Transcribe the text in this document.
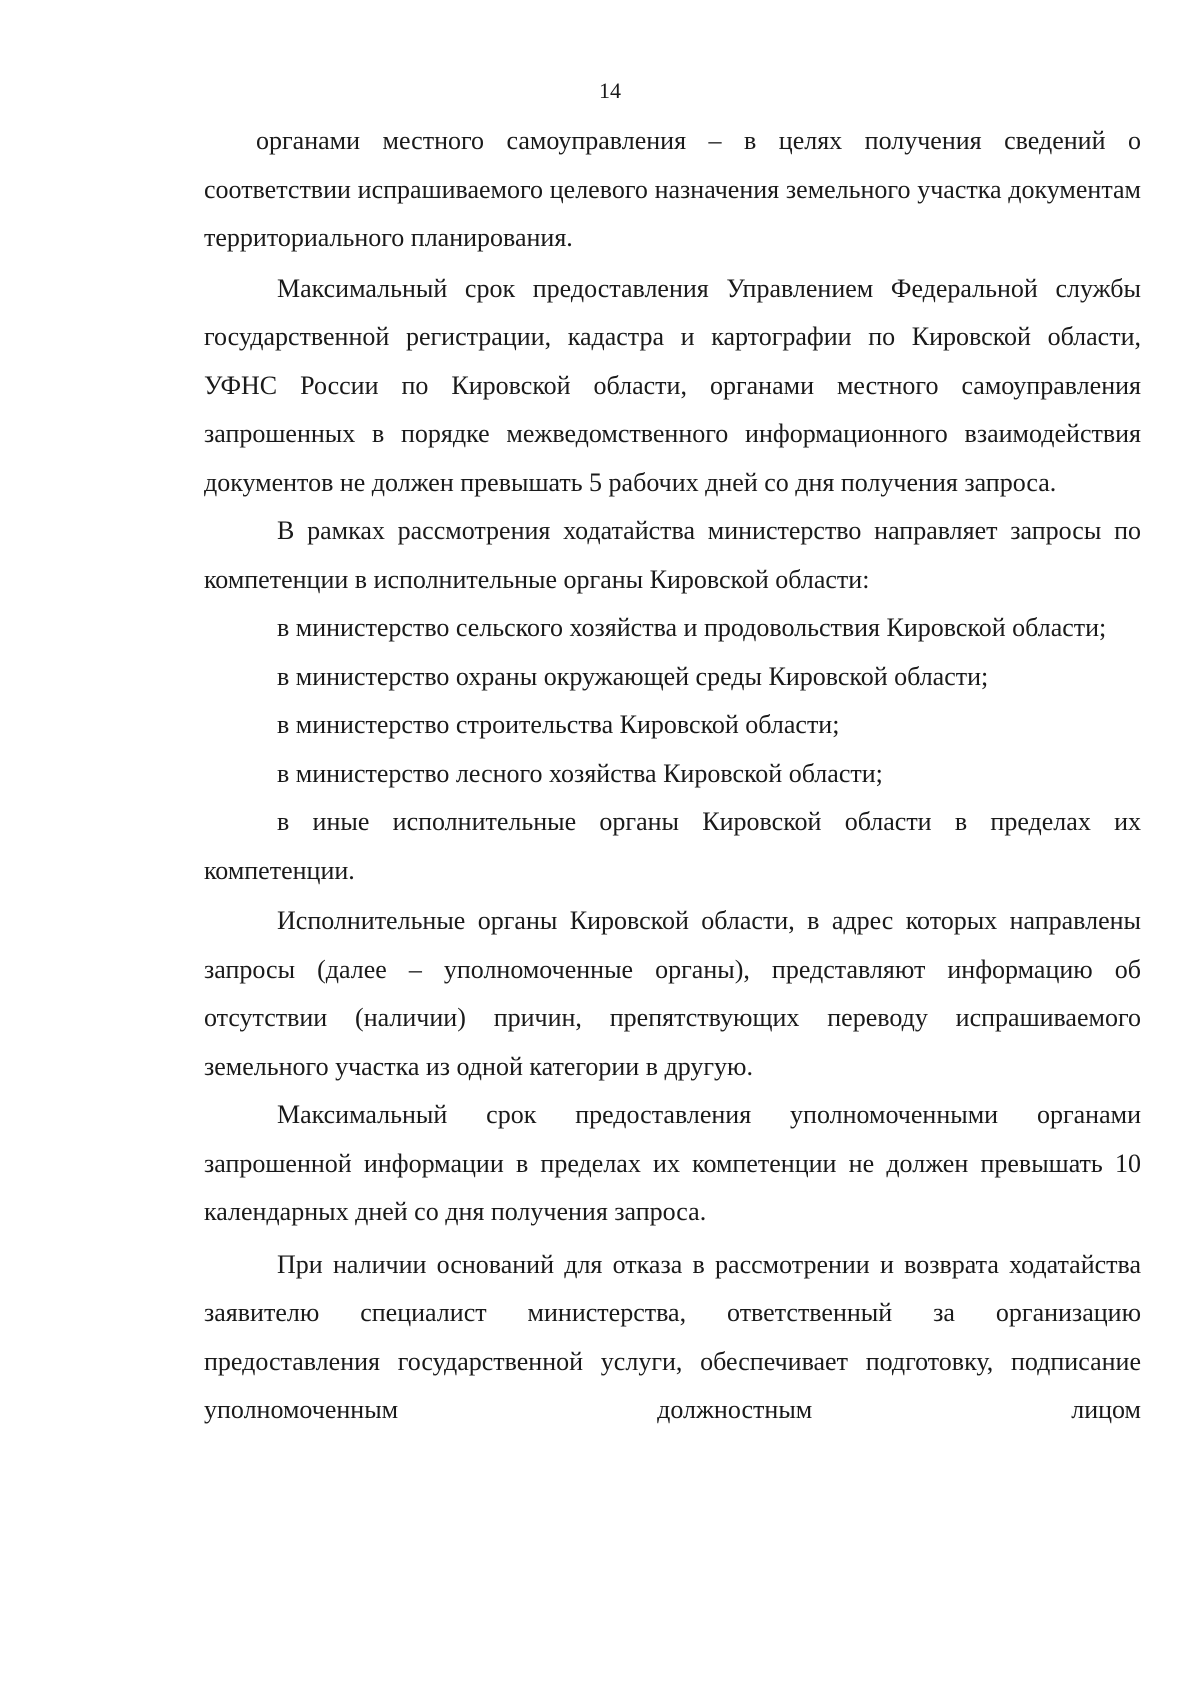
14

органами местного самоуправления – в целях получения сведений о соответствии испрашиваемого целевого назначения земельного участка документам территориального планирования.

Максимальный срок предоставления Управлением Федеральной службы государственной регистрации, кадастра и картографии по Кировской области, УФНС России по Кировской области, органами местного самоуправления запрошенных в порядке межведомственного информационного взаимодействия документов не должен превышать 5 рабочих дней со дня получения запроса.

В рамках рассмотрения ходатайства министерство направляет запросы по компетенции в исполнительные органы Кировской области:

в министерство сельского хозяйства и продовольствия Кировской области;

в министерство охраны окружающей среды Кировской области;

в министерство строительства Кировской области;

в министерство лесного хозяйства Кировской области;

в иные исполнительные органы Кировской области в пределах их компетенции.

Исполнительные органы Кировской области, в адрес которых направлены запросы (далее – уполномоченные органы), представляют информацию об отсутствии (наличии) причин, препятствующих переводу испрашиваемого земельного участка из одной категории в другую.

Максимальный срок предоставления уполномоченными органами запрошенной информации в пределах их компетенции не должен превышать 10 календарных дней со дня получения запроса.

При наличии оснований для отказа в рассмотрении и возврата ходатайства заявителю специалист министерства, ответственный за организацию предоставления государственной услуги, обеспечивает подготовку, подписание уполномоченным должностным лицом
